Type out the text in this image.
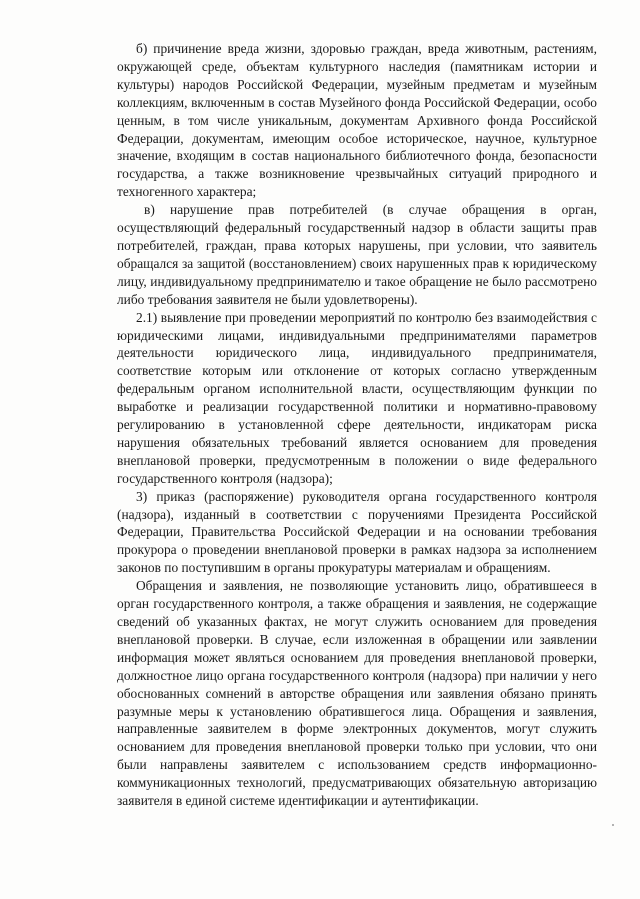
б) причинение вреда жизни, здоровью граждан, вреда животным, растениям, окружающей среде, объектам культурного наследия (памятникам истории и культуры) народов Российской Федерации, музейным предметам и музейным коллекциям, включенным в состав Музейного фонда Российской Федерации, особо ценным, в том числе уникальным, документам Архивного фонда Российской Федерации, документам, имеющим особое историческое, научное, культурное значение, входящим в состав национального библиотечного фонда, безопасности государства, а также возникновение чрезвычайных ситуаций природного и техногенного характера;

в) нарушение прав потребителей (в случае обращения в орган, осуществляющий федеральный государственный надзор в области защиты прав потребителей, граждан, права которых нарушены, при условии, что заявитель обращался за защитой (восстановлением) своих нарушенных прав к юридическому лицу, индивидуальному предпринимателю и такое обращение не было рассмотрено либо требования заявителя не были удовлетворены).

2.1) выявление при проведении мероприятий по контролю без взаимодействия с юридическими лицами, индивидуальными предпринимателями параметров деятельности юридического лица, индивидуального предпринимателя, соответствие которым или отклонение от которых согласно утвержденным федеральным органом исполнительной власти, осуществляющим функции по выработке и реализации государственной политики и нормативно-правовому регулированию в установленной сфере деятельности, индикаторам риска нарушения обязательных требований является основанием для проведения внеплановой проверки, предусмотренным в положении о виде федерального государственного контроля (надзора);

3) приказ (распоряжение) руководителя органа государственного контроля (надзора), изданный в соответствии с поручениями Президента Российской Федерации, Правительства Российской Федерации и на основании требования прокурора о проведении внеплановой проверки в рамках надзора за исполнением законов по поступившим в органы прокуратуры материалам и обращениям.

Обращения и заявления, не позволяющие установить лицо, обратившееся в орган государственного контроля, а также обращения и заявления, не содержащие сведений об указанных фактах, не могут служить основанием для проведения внеплановой проверки. В случае, если изложенная в обращении или заявлении информация может являться основанием для проведения внеплановой проверки, должностное лицо органа государственного контроля (надзора) при наличии у него обоснованных сомнений в авторстве обращения или заявления обязано принять разумные меры к установлению обратившегося лица. Обращения и заявления, направленные заявителем в форме электронных документов, могут служить основанием для проведения внеплановой проверки только при условии, что они были направлены заявителем с использованием средств информационно-коммуникационных технологий, предусматривающих обязательную авторизацию заявителя в единой системе идентификации и аутентификации.
